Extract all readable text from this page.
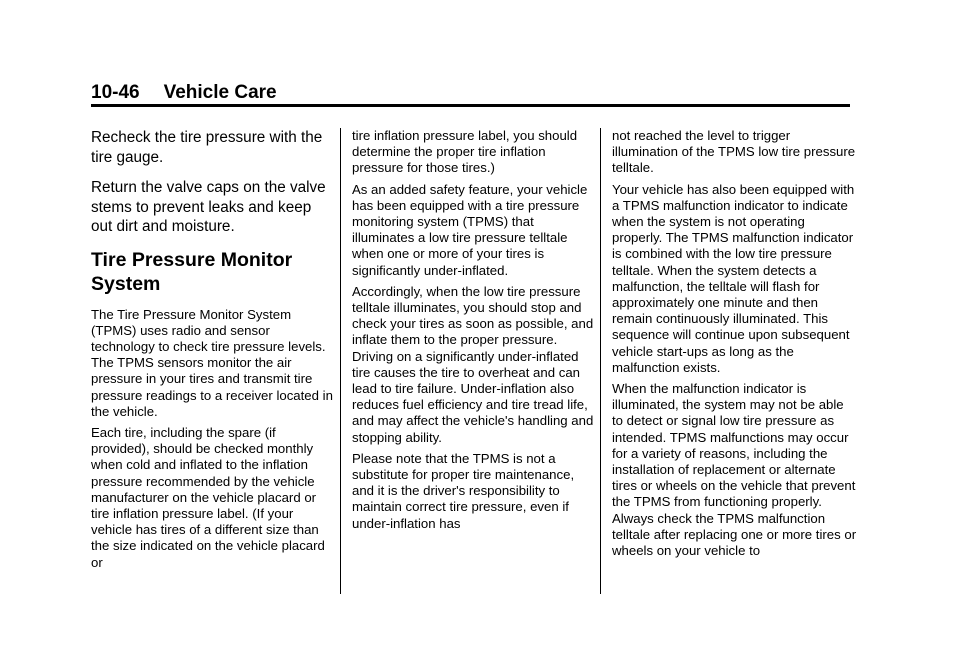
10-46 Vehicle Care

Recheck the tire pressure with the tire gauge.

Return the valve caps on the valve stems to prevent leaks and keep out dirt and moisture.

Tire Pressure Monitor System

The Tire Pressure Monitor System (TPMS) uses radio and sensor technology to check tire pressure levels. The TPMS sensors monitor the air pressure in your tires and transmit tire pressure readings to a receiver located in the vehicle.

Each tire, including the spare (if provided), should be checked monthly when cold and inflated to the inflation pressure recommended by the vehicle manufacturer on the vehicle placard or tire inflation pressure label. (If your vehicle has tires of a different size than the size indicated on the vehicle placard or

tire inflation pressure label, you should determine the proper tire inflation pressure for those tires.)

As an added safety feature, your vehicle has been equipped with a tire pressure monitoring system (TPMS) that illuminates a low tire pressure telltale when one or more of your tires is significantly under-inflated.

Accordingly, when the low tire pressure telltale illuminates, you should stop and check your tires as soon as possible, and inflate them to the proper pressure. Driving on a significantly under-inflated tire causes the tire to overheat and can lead to tire failure. Under-inflation also reduces fuel efficiency and tire tread life, and may affect the vehicle's handling and stopping ability.

Please note that the TPMS is not a substitute for proper tire maintenance, and it is the driver's responsibility to maintain correct tire pressure, even if under-inflation has

not reached the level to trigger illumination of the TPMS low tire pressure telltale.

Your vehicle has also been equipped with a TPMS malfunction indicator to indicate when the system is not operating properly. The TPMS malfunction indicator is combined with the low tire pressure telltale. When the system detects a malfunction, the telltale will flash for approximately one minute and then remain continuously illuminated. This sequence will continue upon subsequent vehicle start-ups as long as the malfunction exists.

When the malfunction indicator is illuminated, the system may not be able to detect or signal low tire pressure as intended. TPMS malfunctions may occur for a variety of reasons, including the installation of replacement or alternate tires or wheels on the vehicle that prevent the TPMS from functioning properly. Always check the TPMS malfunction telltale after replacing one or more tires or wheels on your vehicle to
